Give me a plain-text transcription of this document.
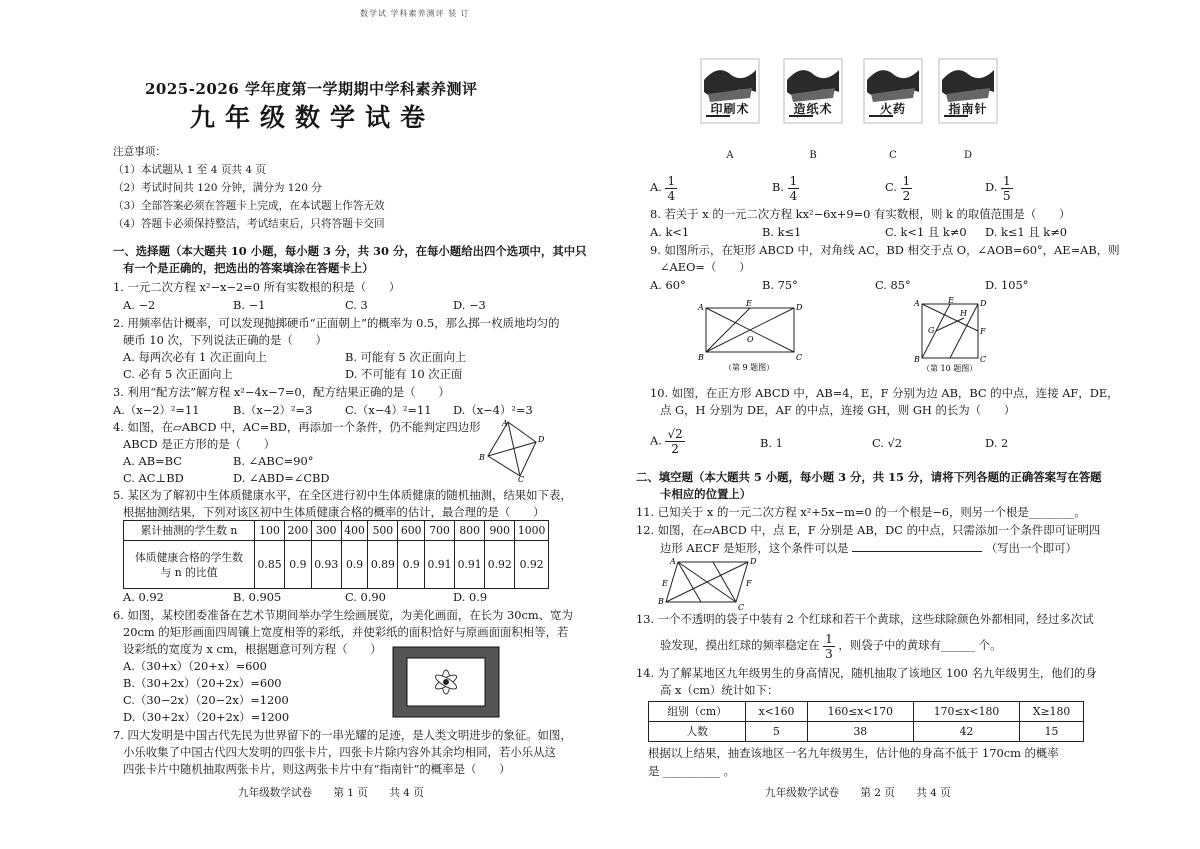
数学试 学科素养测评 装 订
2025-2026 学年度第一学期期中学科素养测评
九年级数学试卷
注意事项：
（1）本试题从 1 至 4 页共 4 页
（2）考试时间共 120 分钟，满分为 120 分
（3）全部答案必须在答题卡上完成，在本试题上作答无效
（4）答题卡必须保持整洁，考试结束后，只将答题卡交回
一、选择题（本大题共 10 小题，每小题 3 分，共 30 分，在每小题给出四个选项中，其中只
有一个是正确的，把选出的答案填涂在答题卡上）
1. 一元二次方程 x²−x−2=0 所有实数根的积是（　　）
A. −2	B. −1	C. 3	D. −3
2. 用频率估计概率，可以发现抛掷硬币“正面朝上”的概率为 0.5，那么掷一枚质地均匀的
硬币 10 次，下列说法正确的是（　　）
A. 每两次必有 1 次正面向上	B. 可能有 5 次正面向上
C. 必有 5 次正面向上	D. 不可能有 10 次正面
3. 利用“配方法”解方程 x²−4x−7=0，配方结果正确的是（　　）
A.（x−2）²=11	B.（x−2）²=3	C.（x−4）²=11 D.（x−4）²=3
4. 如图，在▱ABCD 中，AC=BD，再添加一个条件，仍不能判定四边形
ABCD 是正方形的是（　　）
A. AB=BC	B. ∠ABC=90°
C. AC⊥BD	D. ∠ABD=∠CBD
A
D
B
C
5. 某区为了解初中生体质健康水平，在全区进行初中生体质健康的随机抽测，结果如下表，
根据抽测结果，下列对该区初中生体质健康合格的概率的估计，最合理的是（　　）
累计抽测的学生数 n	100	200	300	400	500	600	700	800	900	1000
体质健康合格的学生数
与 n 的比值	0.85	0.9	0.93	0.9	0.89	0.9	0.91	0.91	0.92	0.92
A. 0.92	B. 0.905	C. 0.90	D. 0.9
6. 如图，某校团委准备在艺术节期间举办学生绘画展览，为美化画面，在长为 30cm、宽为
20cm 的矩形画面四周镶上宽度相等的彩纸，并使彩纸的面积恰好与原画面面积相等，若
设彩纸的宽度为 x cm，根据题意可列方程（　　）
A.（30+x）（20+x）=600
B.（30+2x）（20+2x）=600
C.（30−2x）（20−2x）=1200
D.（30+2x）（20+2x）=1200
7. 四大发明是中国古代先民为世界留下的一串光耀的足迹，是人类文明进步的象征。如图，
小乐收集了中国古代四大发明的四张卡片，四张卡片除内容外其余均相同，若小乐从这
四张卡片中随机抽取两张卡片，则这两张卡片中有“指南针”的概率是（　　）
九年级数学试卷　　第 1 页　　共 4 页
印刷术
A
造纸术
B
火药
C
指南针
D
A. $\frac{1}{4}$	B. $\frac{1}{4}$	C. $\frac{1}{2}$	D. $\frac{1}{5}$
8. 若关于 x 的一元二次方程 kx²−6x+9=0 有实数根，则 k 的取值范围是（　　）
A. k<1	B. k≤1	C. k<1 且 k≠0 D. k≤1 且 k≠0
9. 如图所示，在矩形 ABCD 中，对角线 AC，BD 相交于点 O，∠AOB=60°，AE=AB，则
∠AEO=（　　）
A. 60°	B. 75°	C. 85°	D. 105°
A	D
B	C
E
O
（第 9 题图）
A	E	D
H
G	F
B	C
（第 10 题图）
10. 如图，在正方形 ABCD 中，AB=4，E，F 分别为边 AB，BC 的中点，连接 AF，DE，
点 G，H 分别为 DE，AF 的中点，连接 GH，则 GH 的长为（　　）
A. $\frac{√2}{2}$	B. 1	C. √2	D. 2
二、填空题（本大题共 5 小题，每小题 3 分，共 15 分，请将下列各题的正确答案写在答题
卡相应的位置上）
11. 已知关于 x 的一元二次方程 x²+5x−m=0 的一个根是−6，则另一个根是________。
12. 如图，在▱ABCD 中，点 E，F 分别是 AB，DC 的中点，只需添加一个条件即可证明四
边形 AECF 是矩形，这个条件可以是	（写出一个即可）
A	D
B
C
E	F
13. 一个不透明的袋子中装有 2 个红球和若干个黄球，这些球除颜色外都相同，经过多次试
验发现，摸出红球的频率稳定在 $\frac{1}{3}$ ，则袋子中的黄球有______ 个。
14. 为了解某地区九年级男生的身高情况，随机抽取了该地区 100 名九年级男生，他们的身
高 x（cm）统计如下：
组别（cm）	x<160	160≤x<170	170≤x<180	X≥180
人数	5	38	42	15
根据以上结果，抽查该地区一名九年级男生，估计他的身高不低于 170cm 的概率
是 __________ 。
九年级数学试卷　　第 2 页　　共 4 页
